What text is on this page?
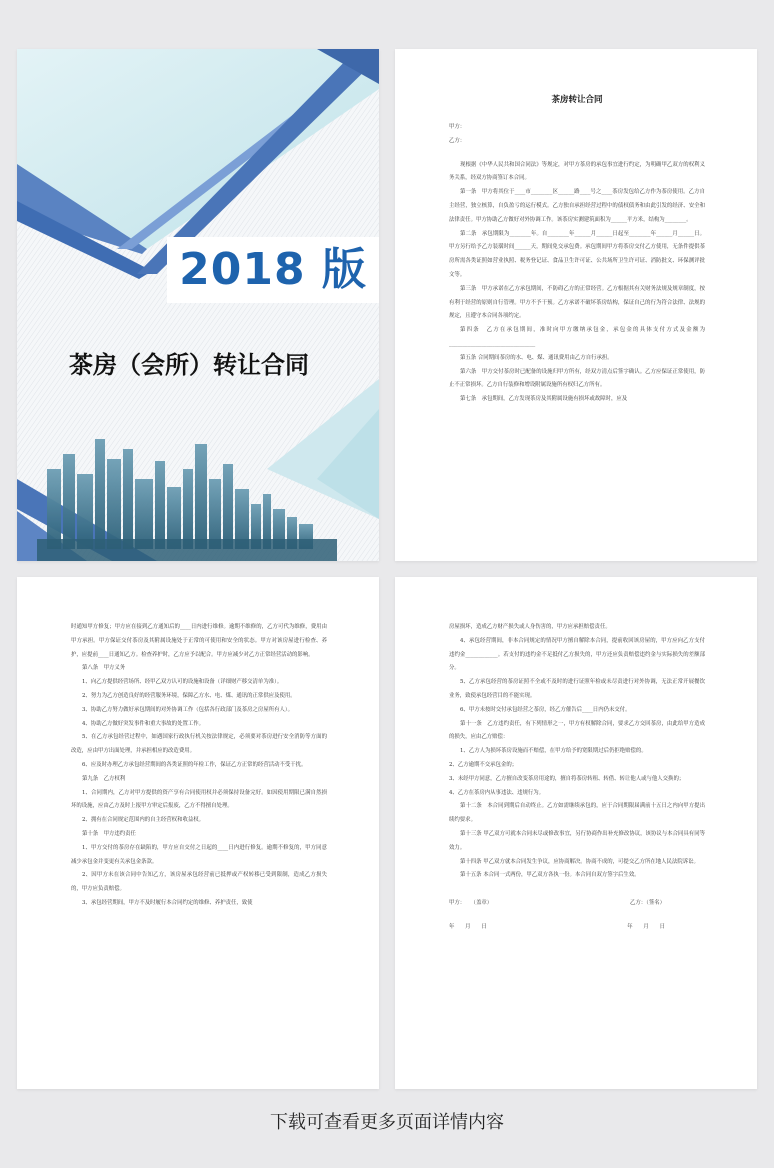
2018 版
茶房（会所）转让合同
茶房转让合同

甲方：

乙方：

现根据《中华人民共和国合同法》等规定，对甲方茶房的承包事宜进行约定，为明确甲乙双方的权利义务关系，经双方协商签订本合同。

第一条　甲方将其位于____市________区______路____号之____茶房发包给乙方作为茶房使用。乙方自主经营，独立核算，自负盈亏的运行模式。乙方独自承担经营过程中的债权债务和由此引发的经济、安全和法律责任。甲方协助乙方做好对外协调工作。该茶房实测建筑面积为______平方米，结构为________。

第二条　承包期限为________年。自________年______月______日起至________年______月______日。甲方另行给予乙方装璜时间______天，期间免交承包费。承包期间甲方将茶房交付乙方使用，无条件提供茶房所需各类证照如营业执照、税务登记证、食品卫生许可证、公共场所卫生许可证、消防批文、环保测评批文等。

第三条　甲方承诺在乙方承包期间，不防碍乙方的正常经营。乙方根据其有关财务法规及规章制度，按有利于经营的原则自行管理。甲方不予干预。乙方承诺不破坏茶房结构，保证自己的行为符合法律、法规的规定，且遵守本合同各项约定。

第四条　乙方在承包期间，准时向甲方缴纳承包金，承包金的具体支付方式及金额为________________________________

第五条 合同期间茶房的水、电、煤、通讯费用由乙方自行承担。

第六条　甲方交付茶房时已配备的设施归甲方所有，经双方清点后签字确认。乙方应保证正常使用，防止不正常损坏。乙方自行装修和增设附属设施所有权归乙方所有。

第七条　承包期间，乙方发现茶房及其附属设施有损坏或故障时，应及

时通知甲方修复；甲方应在接到乙方通知后的____日内进行维修。逾期不维修的，乙方可代为维修，费用由甲方承担。甲方保证交付茶房及其附属设施处于正常的可使用和安全的状态。甲方对该房屋进行检查、养护，应提前____日通知乙方。检查养护时，乙方应予以配合。甲方应减少对乙方正常经营活动的影响。

第八条　甲方义务

1、向乙方提供经营场所、经甲乙双方认可的设施和设备（详细财产移交清单为准）。

2、努力为乙方创造良好的经营服务环境，保障乙方水、电、煤、通讯的正常供应及使用。

3、协助乙方努力做好承包期间的对外协调工作（包括各行政部门及茶房之房屋所有人）。

4、协助乙方做好突发事件和重大事故的处置工作。

5、在乙方承包经营过程中，如遇国家行政执行机关按法律规定，必须要对茶房进行安全消防等方面的改造，应由甲方出面处理，并承担相应的改造费用。

6、应及时办理乙方承包经营期间的各类证照的年检工作，保证乙方正常的经营活动不受干扰。

第九条　乙方权利

1、合同期内，乙方对甲方提供的资产享有合同使用权并必须保持设备完好。如因使用期限已满自然损坏的设施，应由乙方及时上报甲方审定后报废，乙方不得擅自处理。

2、拥有在合同规定范围内的自主经营权和收益权。

第十条　甲方违约责任

1、甲方交付的茶房存在缺陷的，甲方应自交付之日起的____日内进行修复。逾期不修复的，甲方同意减少承包金并变更有关承包金条款。

2、因甲方未在该合同中告知乙方，该房屋承包经营前已抵押或产权转移已受到限制，造成乙方损失的，甲方应负责赔偿。

3、承包经营期间，甲方不及时履行本合同约定的维修、养护责任，致使

房屋损坏，造成乙方财产损失或人身伤害的，甲方应承担赔偿责任。

4、承包经营期间，非本合同规定的情况甲方擅自解除本合同，提前收回该房屋的，甲方应向乙方支付违约金____________。若支付的违约金不足抵付乙方损失的，甲方还应负责赔偿违约金与实际损失的差额部分。

5、乙方承包经营的茶房证照不全或不及时的进行证照年检或未尽责进行对外协调，无法正常开展餐饮业务，致使承包经营目的不能实现。

6、甲方未按时交付承包经营之茶房，经乙方催告后____日内仍未交付。

第十一条　乙方违约责任，有下列情形之一，甲方有权解除合同，要求乙方交回茶房，由此给甲方造成的损失，应由乙方赔偿：

1、乙方人为损坏茶房设施而不赔偿，在甲方给予的宽限期过后仍拒绝赔偿的。

2、乙方逾期不交承包金的；

3、未经甲方同意，乙方擅自改变茶房用途的，擅自将茶房转租、转借、转让他人或与他人交换的；

4、乙方在茶房内从事违法、违规行为。

第十二条　本合同到期后自动终止。乙方如需继续承包的，应于合同期限届满前十五日之内向甲方提出续约要求。

第十三条 甲乙双方可就本合同未尽或修改事宜，另行协商作出补充修改协议，该协议与本合同具有同等效力。

第十四条 甲乙双方就本合同发生争议，应协商解决。协商不成的，可提交乙方所在地人民法院诉讼。

第十五条 本合同一式两份，甲乙双方各执一份。本合同自双方签字后生效。

甲方：　　（盖章）	乙方：（签名）
年　　月　　日	年　　月　　日
下载可查看更多页面详情内容
